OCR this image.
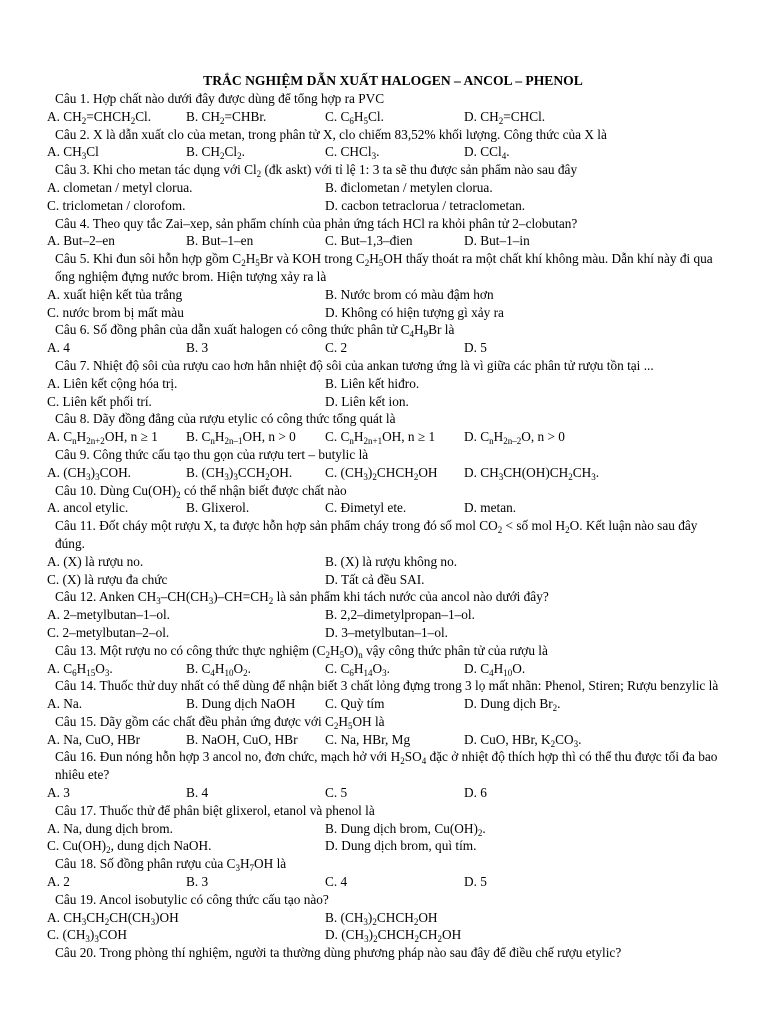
TRẮC NGHIỆM DẪN XUẤT HALOGEN – ANCOL – PHENOL
Câu 1. Hợp chất nào dưới đây được dùng để tổng hợp ra PVC
A. $CH_2=CHCH_2Cl$.	B. $CH_2=CHBr$.	C. $C_6H_5Cl$.	D. $CH_2=CHCl$.
Câu 2. X là dẫn xuất clo của metan, trong phân tử X, clo chiếm 83,52% khối lượng. Công thức của X là
A. $CH_3Cl$	B. $CH_2Cl_2$.	C. CHCl$_3$.	D. CCl$_4$.
Câu 3. Khi cho metan tác dụng với $Cl_2$ (đk askt) với tỉ lệ 1: 3 ta sẽ thu được sản phẩm nào sau đây
A. clometan / metyl clorua.	B. điclometan / metylen clorua.
C. triclometan / clorofom.	D. cacbon tetraclorua / tetraclometan.
Câu 4. Theo quy tắc Zai–xep, sản phẩm chính của phản ứng tách HCl ra khỏi phân tử 2–clobutan?
A. But–2–en	B. But–1–en	C. But–1,3–đien	D. But–1–in
Câu 5. Khi đun sôi hỗn hợp gồm $C_2H_5Br$ và KOH trong $C_2H_5OH$ thấy thoát ra một chất khí không màu. Dẫn khí này đi qua ống nghiệm đựng nước brom. Hiện tượng xảy ra là
A. xuất hiện kết tủa trắng	B. Nước brom có màu đậm hơn
C. nước brom bị mất màu	D. Không có hiện tượng gì xảy ra
Câu 6. Số đồng phân của dẫn xuất halogen có công thức phân tử $C_4H_9Br$ là
A. 4	B. 3	C. 2	D. 5
Câu 7. Nhiệt độ sôi của rượu cao hơn hẳn nhiệt độ sôi của ankan tương ứng là vì giữa các phân tử rượu tồn tại ...
A. Liên kết cộng hóa trị.	B. Liên kết hiđro.
C. Liên kết phối trí.	D. Liên kết ion.
Câu 8. Dãy đồng đẳng của rượu etylic có công thức tổng quát là
A. $C_nH_{2n+2}OH$, n ≥ 1 B. $C_nH_{2n-1}OH$, n > 0 C. $C_nH_{2n+1}OH$, n ≥ 1 D. $C_nH_{2n-2}O$, n > 0
Câu 9. Công thức cấu tạo thu gọn của rượu tert – butylic là
A. $(CH_3)_3COH$.	B. $(CH_3)_3CCH_2OH$. C. $(CH_3)_2CHCH_2OH$ D. $CH_3CH(OH)CH_2CH_3$.
Câu 10. Dùng $Cu(OH)_2$ có thể nhận biết được chất nào
A. ancol etylic.	B. Glixerol.	C. Đimetyl ete.	D. metan.
Câu 11. Đốt cháy một rượu X, ta được hỗn hợp sản phẩm cháy trong đó số mol $CO_2$ < số mol $H_2O$. Kết luận nào sau đây đúng.
A. (X) là rượu no.	B. (X) là rượu không no.
C. (X) là rượu đa chức	D. Tất cả đều SAI.
Câu 12. Anken $CH_3-CH(CH_3)-CH=CH_2$ là sản phẩm khi tách nước của ancol nào dưới đây?
A. 2–metylbutan–1–ol.	B. 2,2–dimetylpropan–1–ol.
C. 2–metylbutan–2–ol.	D. 3–metylbutan–1–ol.
Câu 13. Một rượu no có công thức thực nghiệm $(C_2H_5O)_n$ vậy công thức phân tử của rượu là
A. $C_6H_{15}O_3$.	B. $C_4H_{10}O_2$.	C. $C_6H_{14}O_3$.	D. $C_4H_{10}O$.
Câu 14. Thuốc thử duy nhất có thể dùng để nhận biết 3 chất lỏng đựng trong 3 lọ mất nhãn: Phenol, Stiren; Rượu benzylic là
A. Na.	B. Dung dịch NaOH C. Quỳ tím	D. Dung dịch $Br_2$.
Câu 15. Dãy gồm các chất đều phản ứng được với $C_2H_5OH$ là
A. Na, CuO, HBr	B. NaOH, CuO, HBr C. Na, HBr, Mg	D. CuO, HBr, $K_2CO_3$.
Câu 16. Đun nóng hỗn hợp 3 ancol no, đơn chức, mạch hở với $H_2SO_4$ đặc ở nhiệt độ thích hợp thì có thể thu được tối đa bao nhiêu ete?
A. 3	B. 4	C. 5	D. 6
Câu 17. Thuốc thử để phân biệt glixerol, etanol và phenol là
A. Na, dung dịch brom.	B. Dung dịch brom, $Cu(OH)_2$.
C. $Cu(OH)_2$, dung dịch NaOH.	D. Dung dịch brom, quì tím.
Câu 18. Số đồng phân rượu của $C_3H_7OH$ là
A. 2	B. 3	C. 4	D. 5
Câu 19. Ancol isobutylic có công thức cấu tạo nào?
A. $CH_3CH_2CH(CH_3)OH$	B. $(CH_3)_2CHCH_2OH$
C. $(CH_3)_3COH$	D. $(CH_3)_2CHCH_2CH_2OH$
Câu 20. Trong phòng thí nghiệm, người ta thường dùng phương pháp nào sau đây để điều chế rượu etylic?
